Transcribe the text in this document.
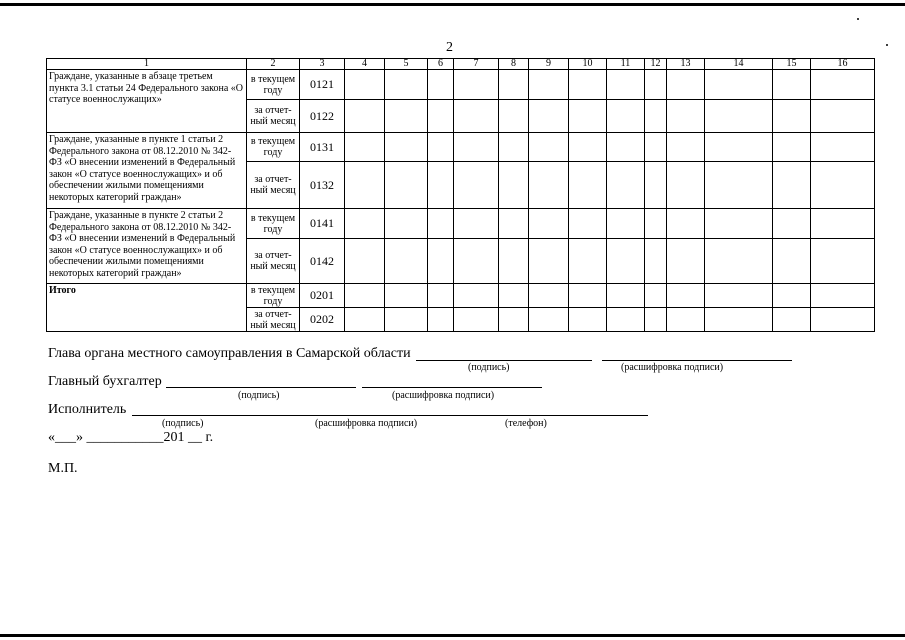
2
1	2	3	4	5	6	7	8	9	10	11	12	13	14	15	16
Граждане, указанные в абзаце третьем пункта 3.1 статьи 24 Федерального закона «О статусе военнослужащих»	в текущем году	0121													
	за отчет-ный месяц	0122													
Граждане, указанные в пункте 1 статьи 2 Федерального закона от 08.12.2010 № 342-ФЗ «О внесении изменений в Федеральный закон «О статусе военнослужащих» и об обеспечении жилыми помещениями некоторых категорий граждан»	в текущем году	0131													
	за отчет-ный месяц	0132													
Граждане, указанные в пункте 2 статьи 2 Федерального закона от 08.12.2010 № 342-ФЗ «О внесении изменений в Федеральный закон «О статусе военнослужащих» и об обеспечении жилыми помещениями некоторых категорий граждан»	в текущем году	0141													
	за отчет-ный месяц	0142													
Итого	в текущем году	0201													
	за отчет-ный месяц	0202													
Глава органа местного самоуправления в Самарской области
(подпись)	(расшифровка подписи)
Главный бухгалтер
(подпись)	(расшифровка подписи)
Исполнитель
(подпись)	(расшифровка подписи)	(телефон)
«___» ___________201 __ г.
М.П.
